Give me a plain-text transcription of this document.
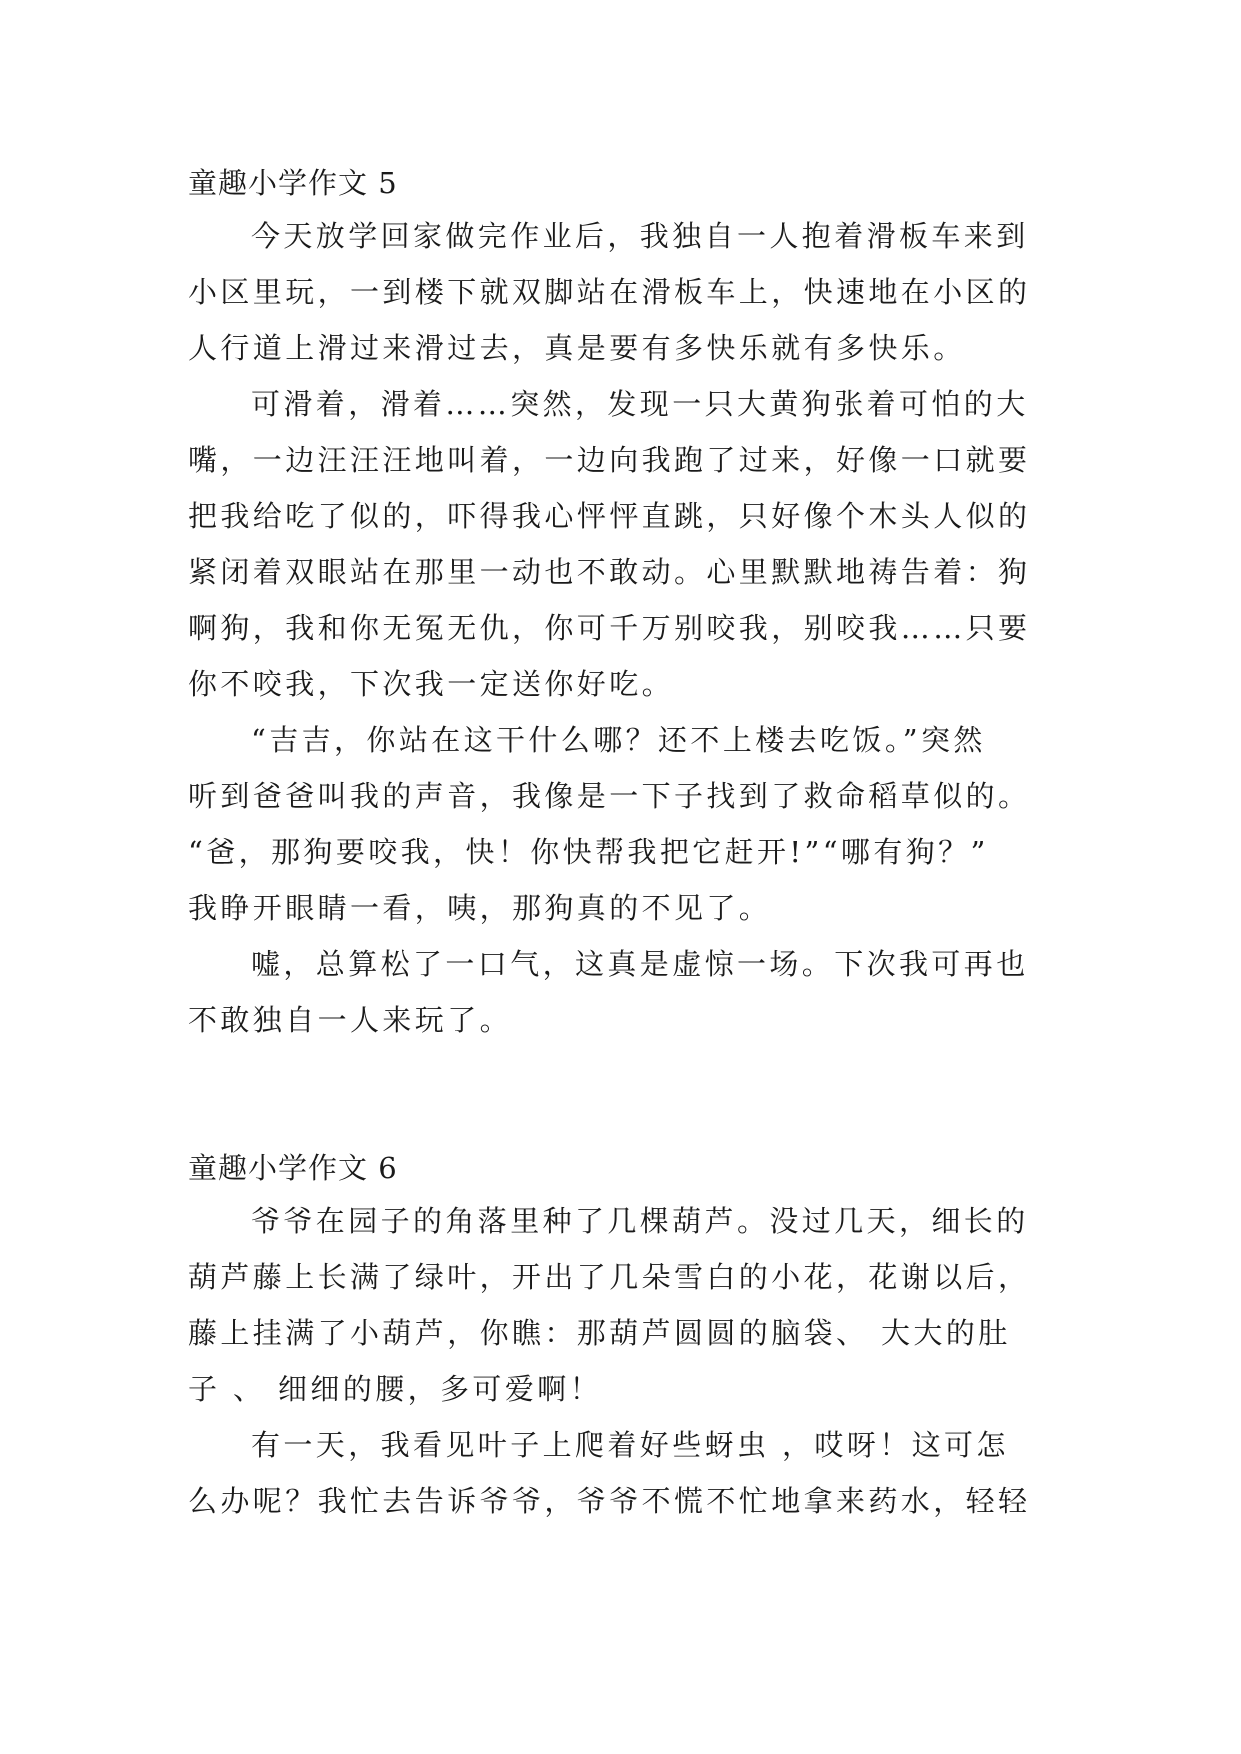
童趣小学作文 5

今天放学回家做完作业后，我独自一人抱着滑板车来到
小区里玩，一到楼下就双脚站在滑板车上，快速地在小区的
人行道上滑过来滑过去，真是要有多快乐就有多快乐。

可滑着，滑着……突然，发现一只大黄狗张着可怕的大
嘴，一边汪汪汪地叫着，一边向我跑了过来，好像一口就要
把我给吃了似的，吓得我心怦怦直跳，只好像个木头人似的
紧闭着双眼站在那里一动也不敢动。心里默默地祷告着：狗
啊狗，我和你无冤无仇，你可千万别咬我，别咬我……只要
你不咬我，下次我一定送你好吃。

“吉吉，你站在这干什么哪？还不上楼去吃饭。”突然
听到爸爸叫我的声音，我像是一下子找到了救命稻草似的。
“爸，那狗要咬我，快！你快帮我把它赶开!”“哪有狗？”
我睁开眼睛一看，咦，那狗真的不见了。

嘘，总算松了一口气，这真是虚惊一场。下次我可再也
不敢独自一人来玩了。

童趣小学作文 6

爷爷在园子的角落里种了几棵葫芦。没过几天，细长的
葫芦藤上长满了绿叶，开出了几朵雪白的小花，花谢以后，
藤上挂满了小葫芦，你瞧：那葫芦圆圆的脑袋、 大大的肚
子 、 细细的腰，多可爱啊！

有一天，我看见叶子上爬着好些蚜虫 ，哎呀！这可怎
么办呢？我忙去告诉爷爷，爷爷不慌不忙地拿来药水，轻轻
